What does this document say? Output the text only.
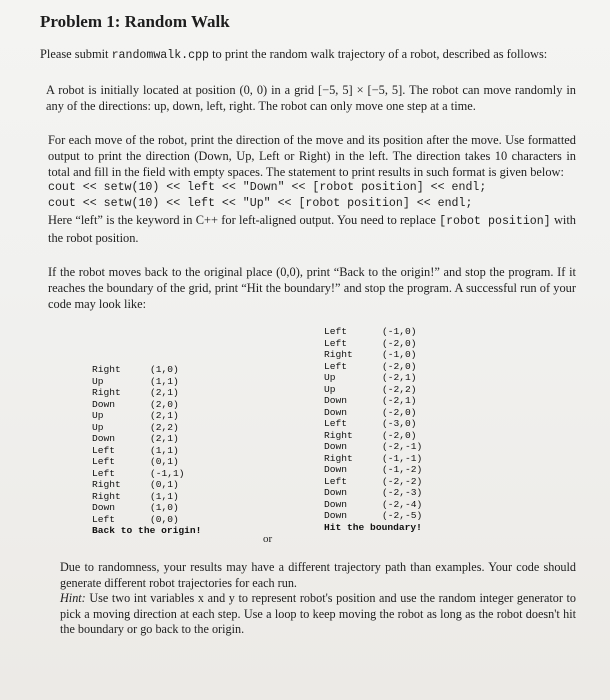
Problem 1: Random Walk

Please submit randomwalk.cpp to print the random walk trajectory of a robot, described as follows:

A robot is initially located at position (0, 0) in a grid [−5, 5] × [−5, 5]. The robot can move randomly in any of the directions: up, down, left, right. The robot can only move one step at a time.

For each move of the robot, print the direction of the move and its position after the move. Use formatted output to print the direction (Down, Up, Left or Right) in the left. The direction takes 10 characters in total and fill in the field with empty spaces. The statement to print results in such format is given below:

cout << setw(10) << left << "Down" << [robot position] << endl;
cout << setw(10) << left << "Up" << [robot position] << endl;

Here “left” is the keyword in C++ for left-aligned output. You need to replace [robot position] with the robot position.

If the robot moves back to the original place (0,0), print “Back to the origin!” and stop the program. If it reaches the boundary of the grid, print “Hit the boundary!” and stop the program. A successful run of your code may look like:

Right	(1,0)
Up	(1,1)
Right	(2,1)
Down	(2,0)
Up	(2,1)
Up	(2,2)
Down	(2,1)
Left	(1,1)
Left	(0,1)
Left	(-1,1)
Right	(0,1)
Right	(1,1)
Down	(1,0)
Left	(0,0)
Back to the origin!
or
Left	(-1,0)
Left	(-2,0)
Right	(-1,0)
Left	(-2,0)
Up	(-2,1)
Up	(-2,2)
Down	(-2,1)
Down	(-2,0)
Left	(-3,0)
Right	(-2,0)
Down	(-2,-1)
Right	(-1,-1)
Down	(-1,-2)
Left	(-2,-2)
Down	(-2,-3)
Down	(-2,-4)
Down	(-2,-5)
Hit the boundary!

Due to randomness, your results may have a different trajectory path than examples. Your code should generate different robot trajectories for each run.

Hint: Use two int variables x and y to represent robot's position and use the random integer generator to pick a moving direction at each step. Use a loop to keep moving the robot as long as the robot doesn't hit the boundary or go back to the origin.
